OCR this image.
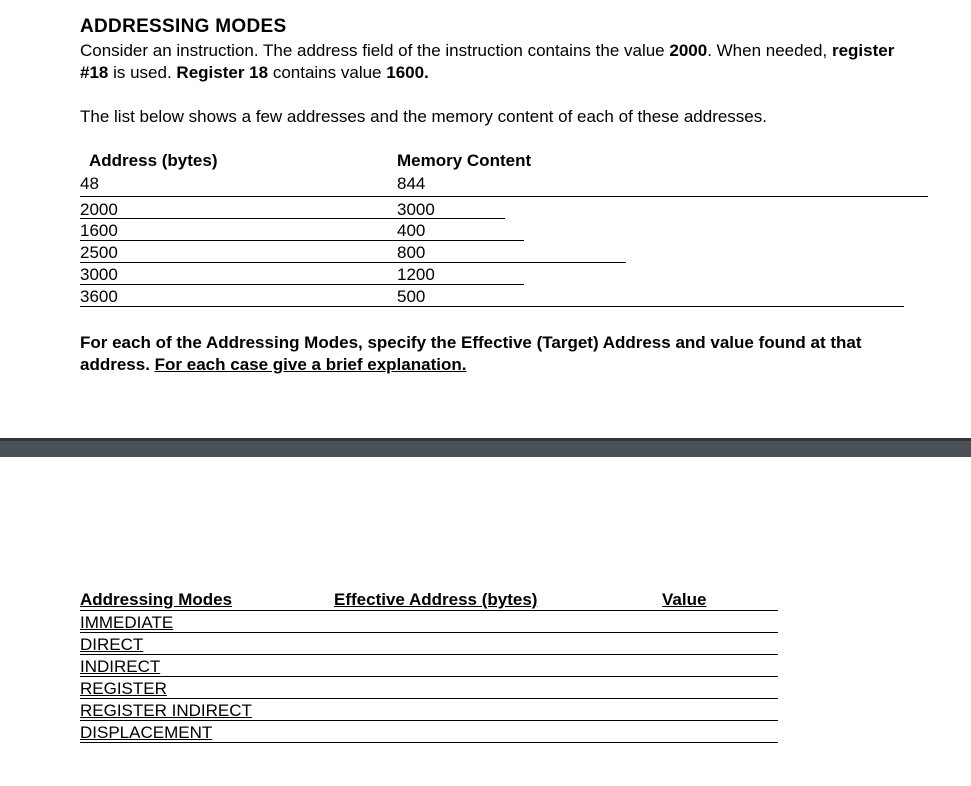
ADDRESSING MODES
Consider an instruction. The address field of the instruction contains the value 2000. When needed, register #18 is used. Register 18 contains value 1600.
The list below shows a few addresses and the memory content of each of these addresses.
Address (bytes)	Memory Content
48	844
2000	3000
1600	400
2500	800
3000	1200
3600	500
For each of the Addressing Modes, specify the Effective (Target) Address and value found at that address. For each case give a brief explanation.
Addressing Modes	Effective Address (bytes)	Value
IMMEDIATE
DIRECT
INDIRECT
REGISTER
REGISTER INDIRECT
DISPLACEMENT
